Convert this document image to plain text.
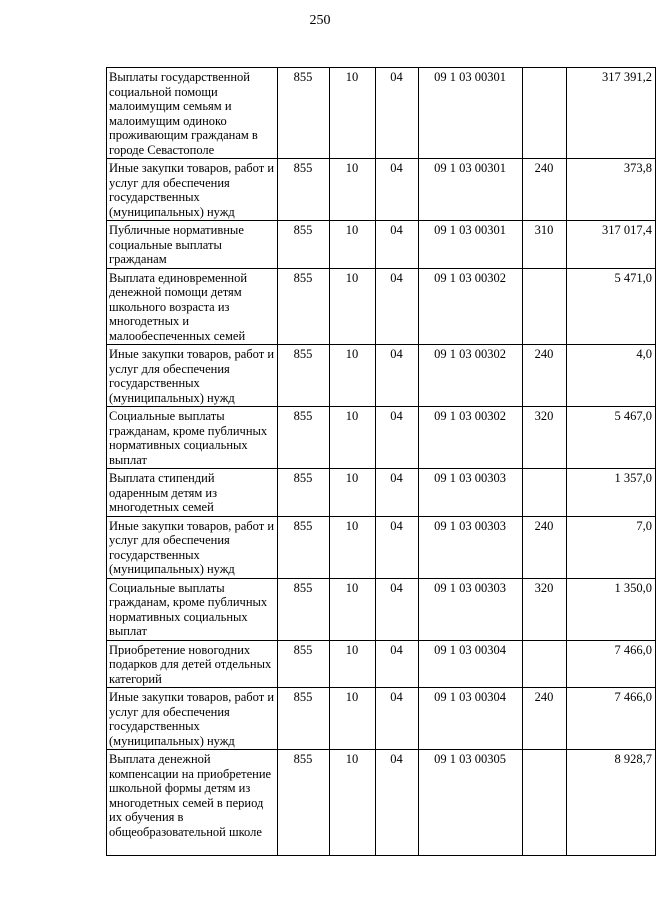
250
Выплаты государственной социальной помощи малоимущим семьям и малоимущим одиноко проживающим гражданам в городе Севастополе	855	10	04	09 1 03 00301		317 391,2
Иные закупки товаров, работ и услуг для обеспечения государственных (муниципальных) нужд	855	10	04	09 1 03 00301	240	373,8
Публичные нормативные социальные выплаты гражданам	855	10	04	09 1 03 00301	310	317 017,4
Выплата единовременной денежной помощи детям школьного возраста из многодетных и малообеспеченных семей	855	10	04	09 1 03 00302		5 471,0
Иные закупки товаров, работ и услуг для обеспечения государственных (муниципальных) нужд	855	10	04	09 1 03 00302	240	4,0
Социальные выплаты гражданам, кроме публичных нормативных социальных выплат	855	10	04	09 1 03 00302	320	5 467,0
Выплата стипендий одаренным детям из многодетных семей	855	10	04	09 1 03 00303		1 357,0
Иные закупки товаров, работ и услуг для обеспечения государственных (муниципальных) нужд	855	10	04	09 1 03 00303	240	7,0
Социальные выплаты гражданам, кроме публичных нормативных социальных выплат	855	10	04	09 1 03 00303	320	1 350,0
Приобретение новогодних подарков для детей отдельных категорий	855	10	04	09 1 03 00304		7 466,0
Иные закупки товаров, работ и услуг для обеспечения государственных (муниципальных) нужд	855	10	04	09 1 03 00304	240	7 466,0
Выплата денежной компенсации на приобретение школьной формы детям из многодетных семей в период их обучения в общеобразовательной школе	855	10	04	09 1 03 00305		8 928,7
